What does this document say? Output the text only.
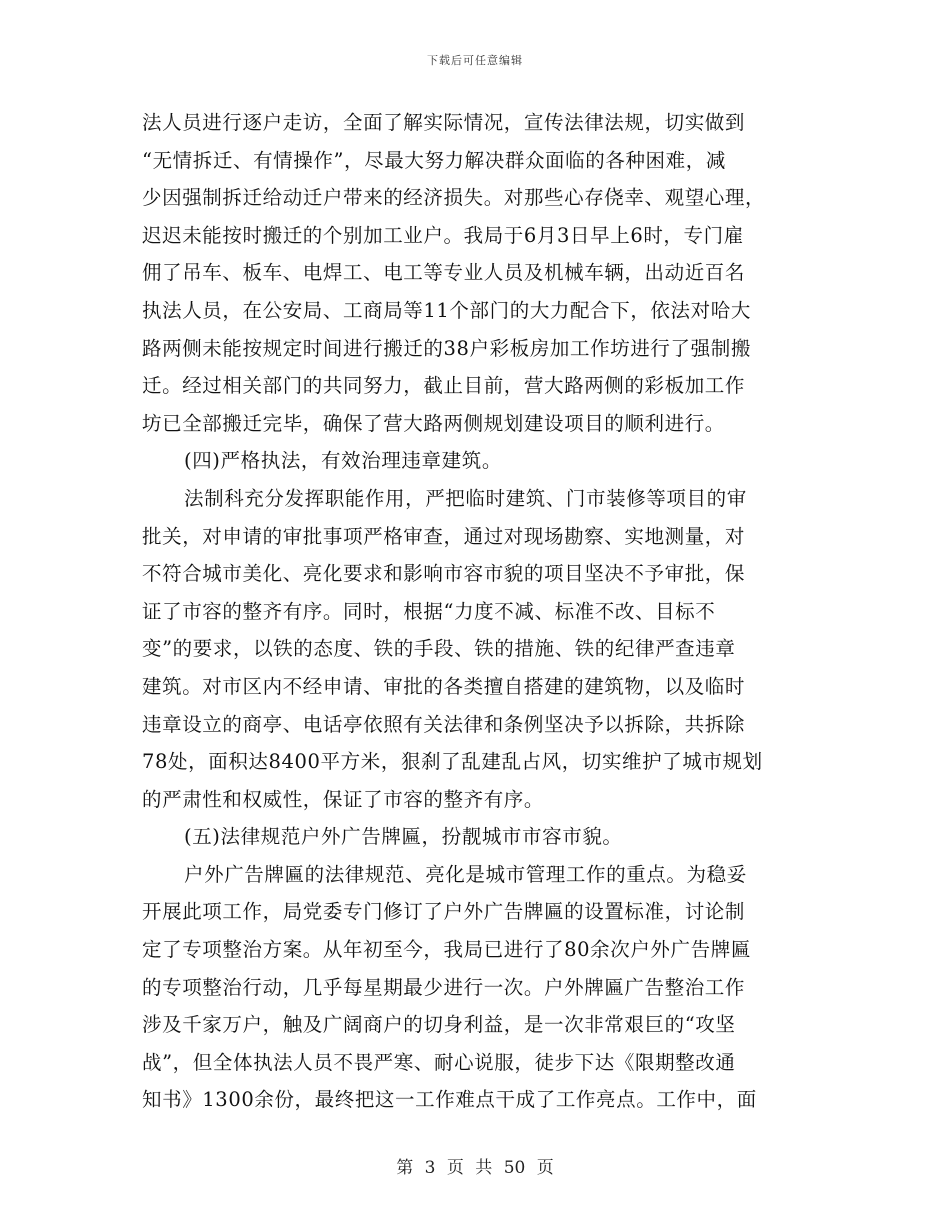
下载后可任意编辑
法人员进行逐户走访，全面了解实际情况，宣传法律法规，切实做到
“无情拆迁、有情操作”，尽最大努力解决群众面临的各种困难，减
少因强制拆迁给动迁户带来的经济损失。对那些心存侥幸、观望心理，
迟迟未能按时搬迁的个别加工业户。我局于6月3日早上6时，专门雇
佣了吊车、板车、电焊工、电工等专业人员及机械车辆，出动近百名
执法人员，在公安局、工商局等11个部门的大力配合下，依法对哈大
路两侧未能按规定时间进行搬迁的38户彩板房加工作坊进行了强制搬
迁。经过相关部门的共同努力，截止目前，营大路两侧的彩板加工作
坊已全部搬迁完毕，确保了营大路两侧规划建设项目的顺利进行。
(四)严格执法，有效治理违章建筑。
法制科充分发挥职能作用，严把临时建筑、门市装修等项目的审
批关，对申请的审批事项严格审查，通过对现场勘察、实地测量，对
不符合城市美化、亮化要求和影响市容市貌的项目坚决不予审批，保
证了市容的整齐有序。同时，根据“力度不减、标准不改、目标不
变”的要求，以铁的态度、铁的手段、铁的措施、铁的纪律严查违章
建筑。对市区内不经申请、审批的各类擅自搭建的建筑物，以及临时
违章设立的商亭、电话亭依照有关法律和条例坚决予以拆除，共拆除
78处，面积达8400平方米，狠刹了乱建乱占风，切实维护了城市规划
的严肃性和权威性，保证了市容的整齐有序。
(五)法律规范户外广告牌匾，扮靓城市市容市貌。
户外广告牌匾的法律规范、亮化是城市管理工作的重点。为稳妥
开展此项工作，局党委专门修订了户外广告牌匾的设置标准，讨论制
定了专项整治方案。从年初至今，我局已进行了80余次户外广告牌匾
的专项整治行动，几乎每星期最少进行一次。户外牌匾广告整治工作
涉及千家万户，触及广阔商户的切身利益，是一次非常艰巨的“攻坚
战”，但全体执法人员不畏严寒、耐心说服，徒步下达《限期整改通
知书》1300余份，最终把这一工作难点干成了工作亮点。工作中，面
第 3 页 共 50 页
